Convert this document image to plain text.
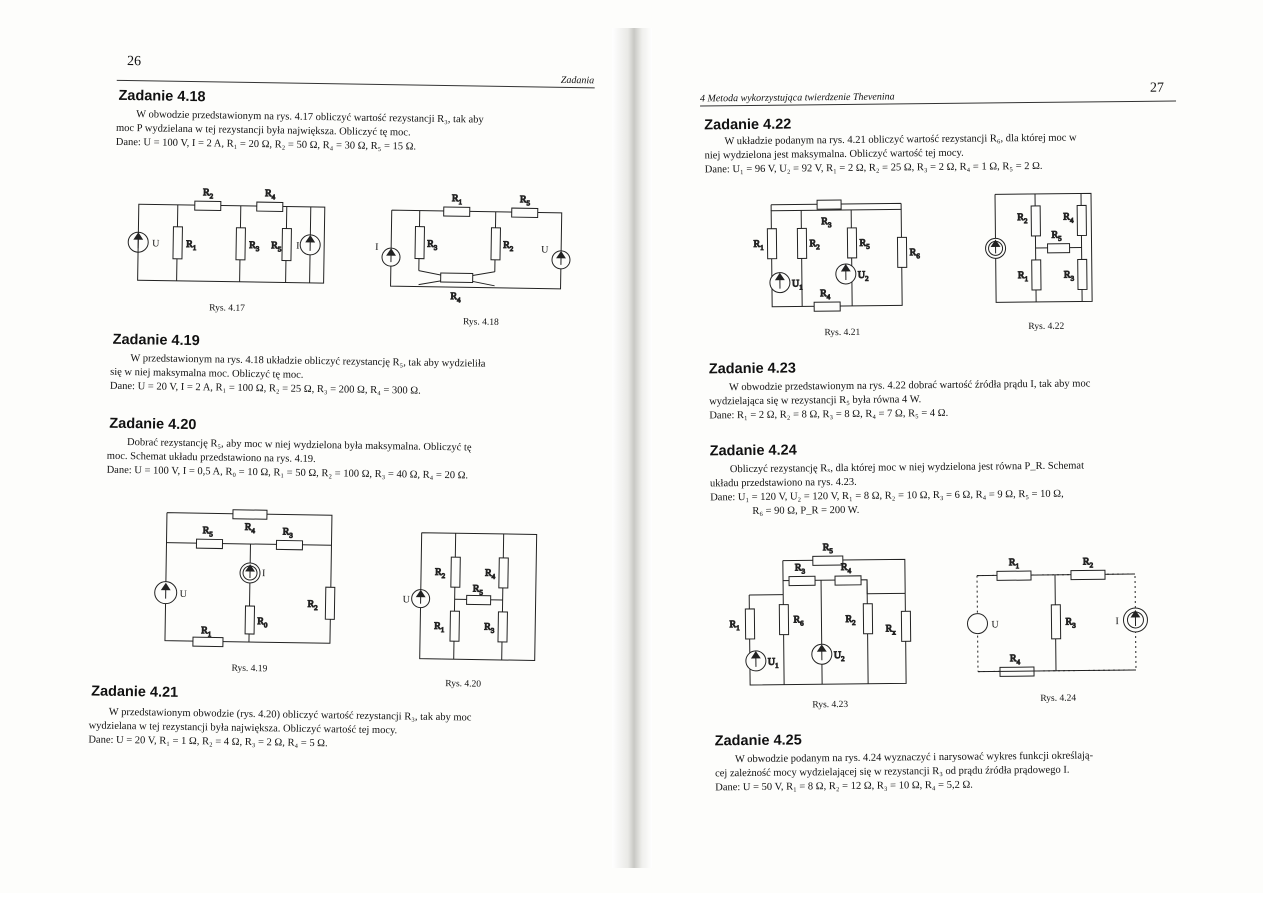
26
Zadania
Zadanie 4.18

W obwodzie przedstawionym na rys. 4.17 obliczyć wartość rezystancji R₃, tak aby

moc P wydzielana w tej rezystancji była największa. Obliczyć tę moc.

Dane: U = 100 V, I = 2 A, R₁ = 20 Ω, R₂ = 50 Ω, R₄ = 30 Ω, R₅ = 15 Ω.

$R_2$	$R_4$
U	$R_1$	$R_3$ $R_5$ I
Rys. 4.17
$R_1$	$R_5$
$R_3$	$R_2$
I	U
$R_4$
Rys. 4.18
Zadanie 4.19

W przedstawionym na rys. 4.18 układzie obliczyć rezystancję R₅, tak aby wydzieliła

się w niej maksymalna moc. Obliczyć tę moc.

Dane: U = 20 V, I = 2 A, R₁ = 100 Ω, R₂ = 25 Ω, R₃ = 200 Ω, R₄ = 300 Ω.

Zadanie 4.20

Dobrać rezystancję R₅, aby moc w niej wydzielona była maksymalna. Obliczyć tę

moc. Schemat układu przedstawiono na rys. 4.19.

Dane: U = 100 V, I = 0,5 A, R₀ = 10 Ω, R₁ = 50 Ω, R₂ = 100 Ω, R₃ = 40 Ω, R₄ = 20 Ω.

$R_4$
$R_5$	$R_3$
U
I
$R_0$
$R_2$
$R_1$
Rys. 4.19
U
$R_2$	$R_4$
$R_5$
$R_1$	$R_3$
Rys. 4.20
Zadanie 4.21

W przedstawionym obwodzie (rys. 4.20) obliczyć wartość rezystancji R₃, tak aby moc

wydzielana w tej rezystancji była największa. Obliczyć wartość tej mocy.

Dane: U = 20 V, R₁ = 1 Ω, R₂ = 4 Ω, R₃ = 2 Ω, R₄ = 5 Ω.

4 Metoda wykorzystująca twierdzenie Thevenina
27
Zadanie 4.22

W układzie podanym na rys. 4.21 obliczyć wartość rezystancji R₆, dla której moc w

niej wydzielona jest maksymalna. Obliczyć wartość tej mocy.

Dane: U₁ = 96 V, U₂ = 92 V, R₁ = 2 Ω, R₂ = 25 Ω, R₃ = 2 Ω, R₄ = 1 Ω, R₅ = 2 Ω.

$R_3$
$R_1$	$R_2$	$R_5$
$R_6$
$U_1$
$U_2$
$R_4$
Rys. 4.21
$R_2$	$R_4$
$R_5$
$R_1$	$R_3$
Rys. 4.22
Zadanie 4.23

W obwodzie przedstawionym na rys. 4.22 dobrać wartość źródła prądu I, tak aby moc

wydzielająca się w rezystancji R₅ była równa 4 W.

Dane: R₁ = 2 Ω, R₂ = 8 Ω, R₃ = 8 Ω, R₄ = 7 Ω, R₅ = 4 Ω.

Zadanie 4.24

Obliczyć rezystancję Rₓ, dla której moc w niej wydzielona jest równa P_R. Schemat

układu przedstawiono na rys. 4.23.

Dane: U₁ = 120 V, U₂ = 120 V, R₁ = 8 Ω, R₂ = 10 Ω, R₃ = 6 Ω, R₄ = 9 Ω, R₅ = 10 Ω,

R₆ = 90 Ω, P_R = 200 W.

$R_5$
$R_3$	$R_4$
$R_1$
$R_6$	$R_2$
$R_x$
$U_1$
$U_2$
Rys. 4.23
$R_1$	$R_2$
U	$R_3$	I
$R_4$
Rys. 4.24
Zadanie 4.25

W obwodzie podanym na rys. 4.24 wyznaczyć i narysować wykres funkcji określają-

cej zależność mocy wydzielającej się w rezystancji R₃ od prądu źródła prądowego I.

Dane: U = 50 V, R₁ = 8 Ω, R₂ = 12 Ω, R₃ = 10 Ω, R₄ = 5,2 Ω.
